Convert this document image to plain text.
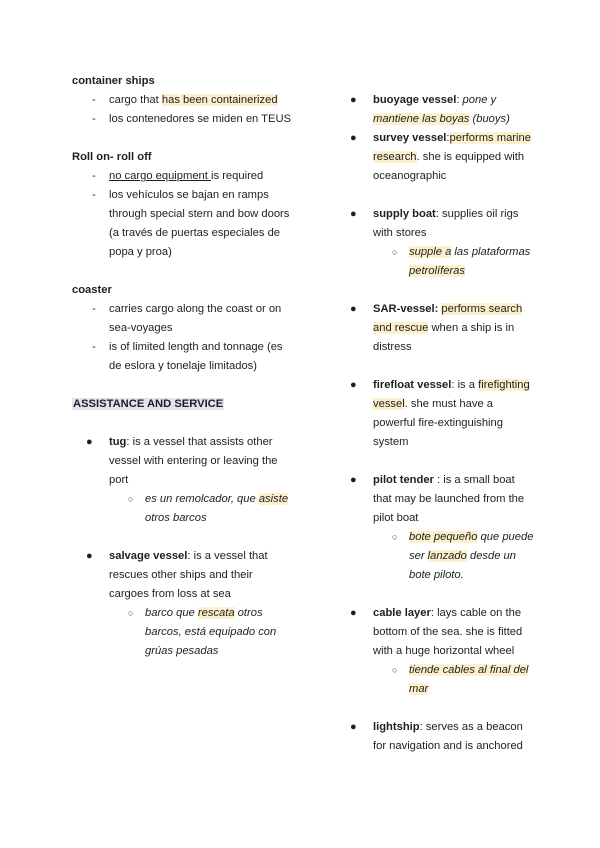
container ships

- cargo that has been containerized
- los contenedores se miden en TEUS

Roll on- roll off

- no cargo equipment is required
- los vehículos se bajan en ramps through special stern and bow doors (a través de puertas especiales de popa y proa)

coaster

- carries cargo along the coast or on sea-voyages
- is of limited length and tonnage (es de eslora y tonelaje limitados)

ASSISTANCE AND SERVICE

● tug: is a vessel that assists other vessel with entering or leaving the port
○ es un remolcador, que asiste otros barcos
● salvage vessel: is a vessel that rescues other ships and their cargoes from loss at sea
○ barco que rescata otros barcos, está equipado con grúas pesadas
● buoyage vessel: pone y mantiene las boyas (buoys)
● survey vessel:performs marine research. she is equipped with oceanographic
● supply boat: supplies oil rigs with stores
○ supple a las plataformas petrolíferas
● SAR-vessel: performs search and rescue when a ship is in distress
● firefloat vessel: is a firefighting vessel. she must have a powerful fire-extinguishing system
● pilot tender : is a small boat that may be launched from the pilot boat
○ bote pequeño que puede ser lanzado desde un bote piloto.
● cable layer: lays cable on the bottom of the sea. she is fitted with a huge horizontal wheel
○ tiende cables al final del mar
● lightship: serves as a beacon for navigation and is anchored
